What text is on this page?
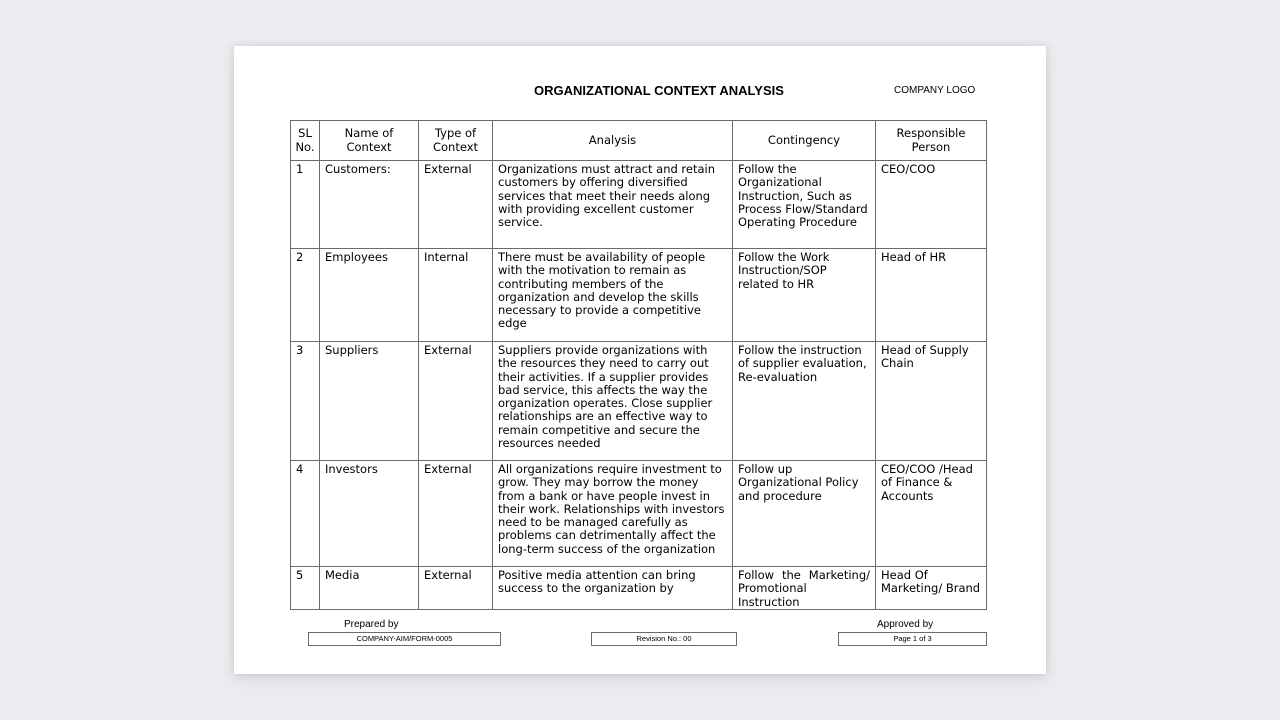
ORGANIZATIONAL CONTEXT ANALYSIS	COMPANY LOGO
SL No.	Name of Context	Type of Context	Analysis	Contingency	Responsible Person
1	Customers:	External	Organizations must attract and retain customers by offering diversified services that meet their needs along with providing excellent customer service.	Follow the Organizational Instruction, Such as Process Flow/Standard Operating Procedure	CEO/COO
2	Employees	Internal	There must be availability of people with the motivation to remain as contributing members of the organization and develop the skills necessary to provide a competitive edge	Follow the Work Instruction/SOP related to HR	Head of HR
3	Suppliers	External	Suppliers provide organizations with the resources they need to carry out their activities. If a supplier provides bad service, this affects the way the organization operates. Close supplier relationships are an effective way to remain competitive and secure the resources needed	Follow the instruction of supplier evaluation, Re-evaluation	Head of Supply Chain
4	Investors	External	All organizations require investment to grow. They may borrow the money from a bank or have people invest in their work. Relationships with investors need to be managed carefully as problems can detrimentally affect the long-term success of the organization	Follow up Organizational Policy and procedure	CEO/COO /Head of Finance & Accounts
5	Media	External	Positive media attention can bring success to the organization by	Follow the Marketing/ Promotional Instruction	Head Of Marketing/ Brand
Prepared by	Approved by
COMPANY-AIM/FORM-0005	Revision No.: 00	Page 1 of 3
